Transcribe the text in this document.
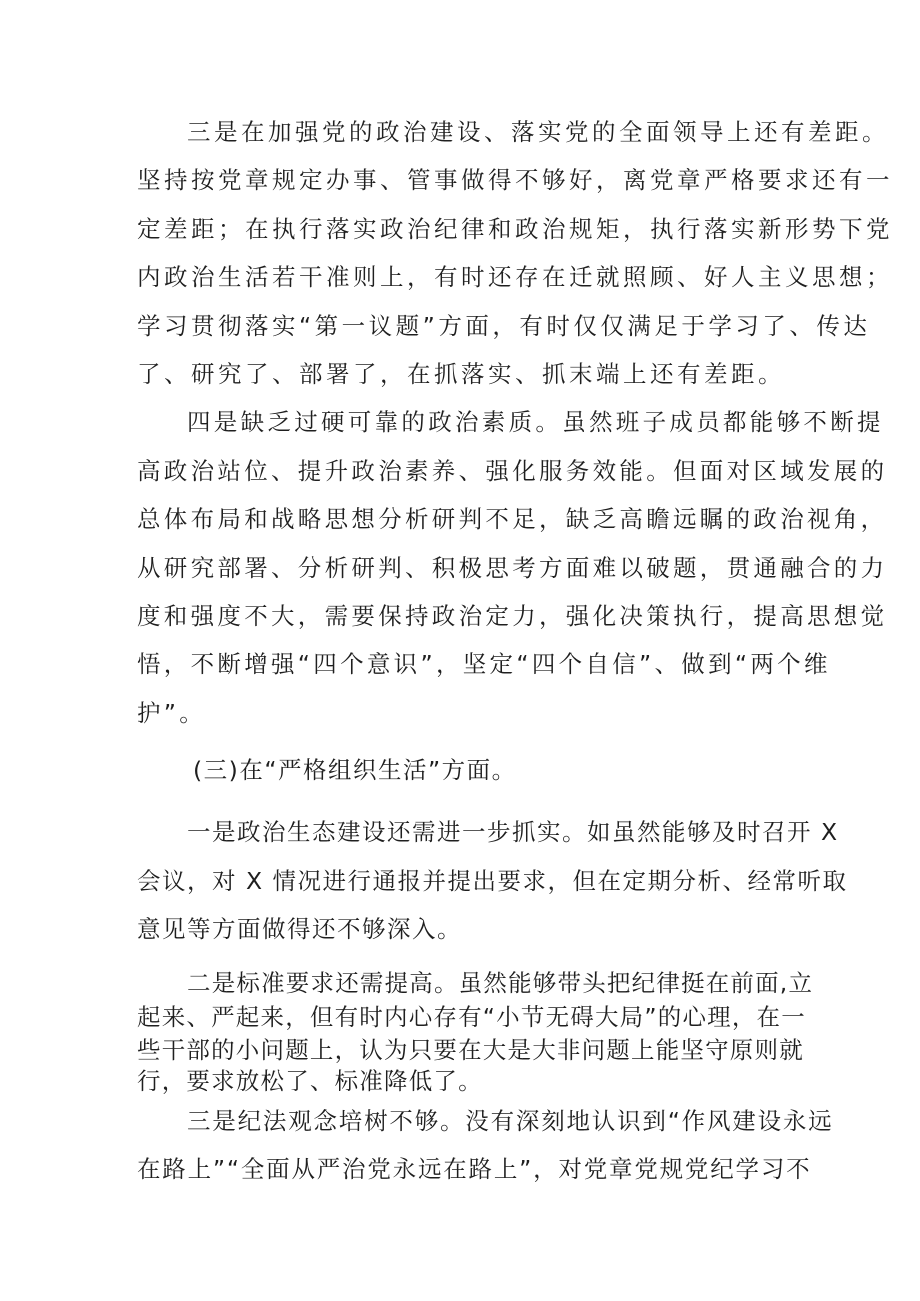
三是在加强党的政治建设、落实党的全面领导上还有差距。
坚持按党章规定办事、管事做得不够好，离党章严格要求还有一
定差距；在执行落实政治纪律和政治规矩，执行落实新形势下党
内政治生活若干准则上，有时还存在迁就照顾、好人主义思想；
学习贯彻落实“第一议题”方面，有时仅仅满足于学习了、传达
了、研究了、部署了，在抓落实、抓末端上还有差距。
四是缺乏过硬可靠的政治素质。虽然班子成员都能够不断提
高政治站位、提升政治素养、强化服务效能。但面对区域发展的
总体布局和战略思想分析研判不足，缺乏高瞻远瞩的政治视角，
从研究部署、分析研判、积极思考方面难以破题，贯通融合的力
度和强度不大，需要保持政治定力，强化决策执行，提高思想觉
悟，不断增强“四个意识”，坚定“四个自信”、做到“两个维
护”。
(三)在“严格组织生活”方面。
一是政治生态建设还需进一步抓实。如虽然能够及时召开 X
会议，对 X 情况进行通报并提出要求，但在定期分析、经常听取
意见等方面做得还不够深入。
二是标准要求还需提高。虽然能够带头把纪律挺在前面,立
起来、严起来，但有时内心存有“小节无碍大局”的心理，在一
些干部的小问题上，认为只要在大是大非问题上能坚守原则就
行，要求放松了、标准降低了。
三是纪法观念培树不够。没有深刻地认识到“作风建设永远
在路上”“全面从严治党永远在路上”，对党章党规党纪学习不
